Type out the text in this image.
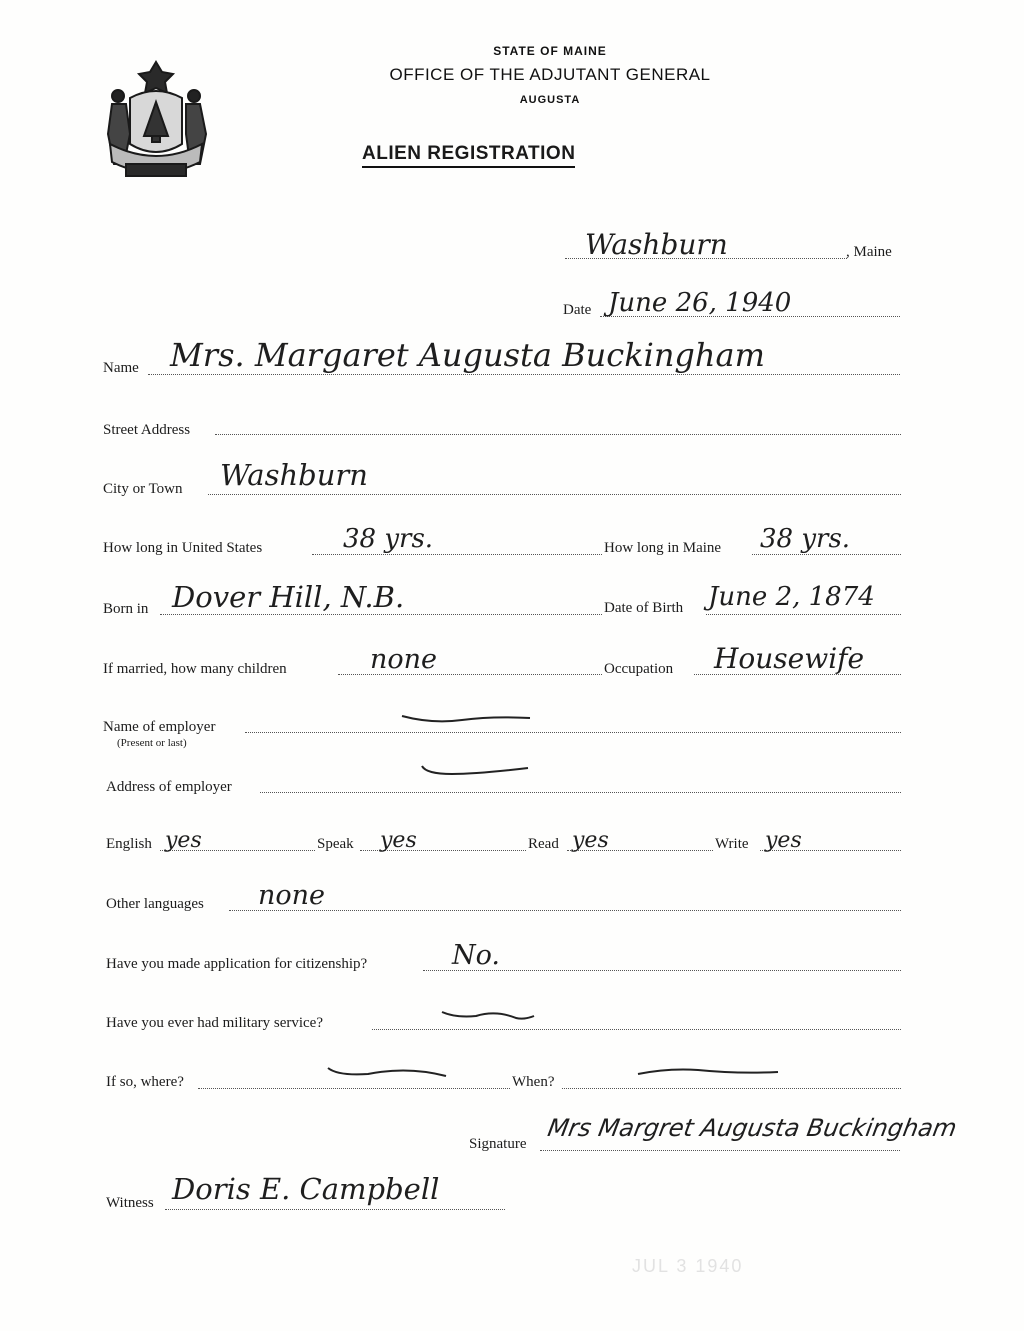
STATE OF MAINE
OFFICE OF THE ADJUTANT GENERAL
AUGUSTA
ALIEN REGISTRATION
Washburn	, Maine
Date June 26, 1940
Name Mrs. Margaret Augusta Buckingham
Street Address
City or Town Washburn
How long in United States	38 yrs.	How long in Maine 38 yrs.
Born in Dover Hill, N.B.	Date of Birth June 2, 1874
If married, how many children	none	Occupation Housewife
Name of employer
(Present or last)
Address of employer
English yes	Speak yes	Read yes	Write yes
Other languages none
Have you made application for citizenship?	No.
Have you ever had military service?
If so, where?	When?
Signature
Mrs Margret Augusta Buckingham
Witness Doris E. Campbell
JUL 3 1940
